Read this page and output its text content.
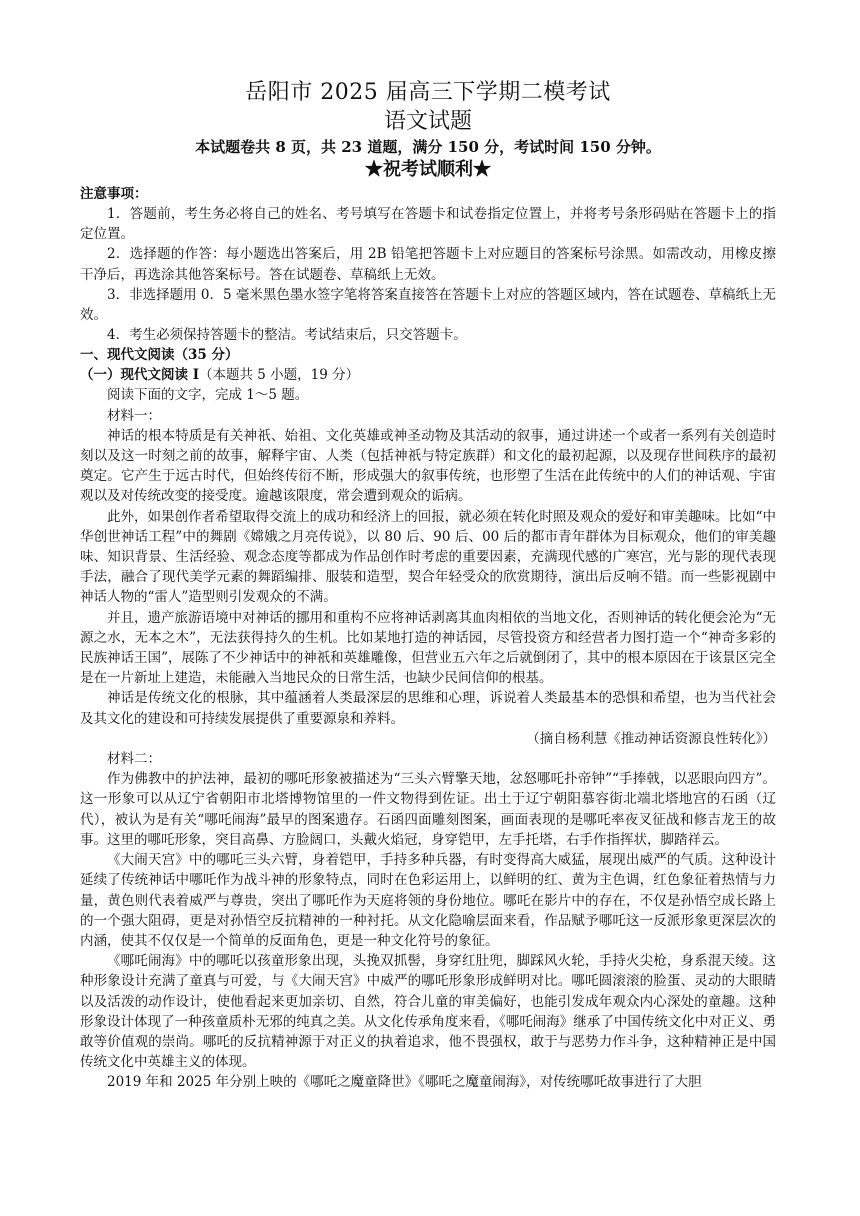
岳阳市 2025 届高三下学期二模考试
语文试题
本试题卷共 8 页，共 23 道题，满分 150 分，考试时间 150 分钟。
★祝考试顺利★
注意事项：

1．答题前，考生务必将自己的姓名、考号填写在答题卡和试卷指定位置上，并将考号条形码贴在答题卡上的指定位置。

2．选择题的作答：每小题选出答案后，用 2B 铅笔把答题卡上对应题目的答案标号涂黑。如需改动，用橡皮擦干净后，再选涂其他答案标号。答在试题卷、草稿纸上无效。

3．非选择题用 0．5 毫米黑色墨水签字笔将答案直接答在答题卡上对应的答题区域内，答在试题卷、草稿纸上无效。

4．考生必须保持答题卡的整洁。考试结束后，只交答题卡。

一、现代文阅读（35 分）
（一）现代文阅读 I（本题共 5 小题，19 分）

阅读下面的文字，完成 1～5 题。

材料一：

神话的根本特质是有关神祇、始祖、文化英雄或神圣动物及其活动的叙事，通过讲述一个或者一系列有关创造时刻以及这一时刻之前的故事，解释宇宙、人类（包括神祇与特定族群）和文化的最初起源，以及现存世间秩序的最初奠定。它产生于远古时代，但始终传衍不断，形成强大的叙事传统，也形塑了生活在此传统中的人们的神话观、宇宙观以及对传统改变的接受度。逾越该限度，常会遭到观众的诟病。

此外，如果创作者希望取得交流上的成功和经济上的回报，就必须在转化时照及观众的爱好和审美趣味。比如“中华创世神话工程”中的舞剧《嫦娥之月亮传说》，以 80 后、90 后、00 后的都市青年群体为目标观众，他们的审美趣味、知识背景、生活经验、观念态度等都成为作品创作时考虑的重要因素，充满现代感的广寒宫，光与影的现代表现手法，融合了现代美学元素的舞蹈编排、服装和造型，契合年轻受众的欣赏期待，演出后反响不错。而一些影视剧中神话人物的“雷人”造型则引发观众的不满。

并且，遗产旅游语境中对神话的挪用和重构不应将神话剥离其血肉相依的当地文化，否则神话的转化便会沦为“无源之水，无本之木”，无法获得持久的生机。比如某地打造的神话园，尽管投资方和经营者力图打造一个“神奇多彩的民族神话王国”，展陈了不少神话中的神祇和英雄雕像，但营业五六年之后就倒闭了，其中的根本原因在于该景区完全是在一片新址上建造，未能融入当地民众的日常生活，也缺少民间信仰的根基。

神话是传统文化的根脉，其中蕴涵着人类最深层的思维和心理，诉说着人类最基本的恐惧和希望，也为当代社会及其文化的建设和可持续发展提供了重要源泉和养料。

（摘自杨利慧《推动神话资源良性转化》）

材料二：

作为佛教中的护法神，最初的哪吒形象被描述为“三头六臂擎天地，忿怒哪吒扑帝钟”“手捧戟，以恶眼向四方”。这一形象可以从辽宁省朝阳市北塔博物馆里的一件文物得到佐证。出土于辽宁朝阳慕容街北端北塔地宫的石函（辽代），被认为是有关“哪吒闹海”最早的图案遗存。石函四面雕刻图案，画面表现的是哪吒率夜叉征战和修吉龙王的故事。这里的哪吒形象，突目高鼻、方脸阔口，头戴火焰冠，身穿铠甲，左手托塔，右手作指挥状，脚踏祥云。

《大闹天宫》中的哪吒三头六臂，身着铠甲，手持多种兵器，有时变得高大威猛，展现出威严的气质。这种设计延续了传统神话中哪吒作为战斗神的形象特点，同时在色彩运用上，以鲜明的红、黄为主色调，红色象征着热情与力量，黄色则代表着威严与尊贵，突出了哪吒作为天庭将领的身份地位。哪吒在影片中的存在，不仅是孙悟空成长路上的一个强大阻碍，更是对孙悟空反抗精神的一种衬托。从文化隐喻层面来看，作品赋予哪吒这一反派形象更深层次的内涵，使其不仅仅是一个简单的反面角色，更是一种文化符号的象征。

《哪吒闹海》中的哪吒以孩童形象出现，头挽双抓髻，身穿红肚兜，脚踩风火轮，手持火尖枪，身系混天绫。这种形象设计充满了童真与可爱，与《大闹天宫》中威严的哪吒形象形成鲜明对比。哪吒圆滚滚的脸蛋、灵动的大眼睛以及活泼的动作设计，使他看起来更加亲切、自然，符合儿童的审美偏好，也能引发成年观众内心深处的童趣。这种形象设计体现了一种孩童质朴无邪的纯真之美。从文化传承角度来看，《哪吒闹海》继承了中国传统文化中对正义、勇敢等价值观的崇尚。哪吒的反抗精神源于对正义的执着追求，他不畏强权，敢于与恶势力作斗争，这种精神正是中国传统文化中英雄主义的体现。

2019 年和 2025 年分别上映的《哪吒之魔童降世》《哪吒之魔童闹海》，对传统哪吒故事进行了大胆
